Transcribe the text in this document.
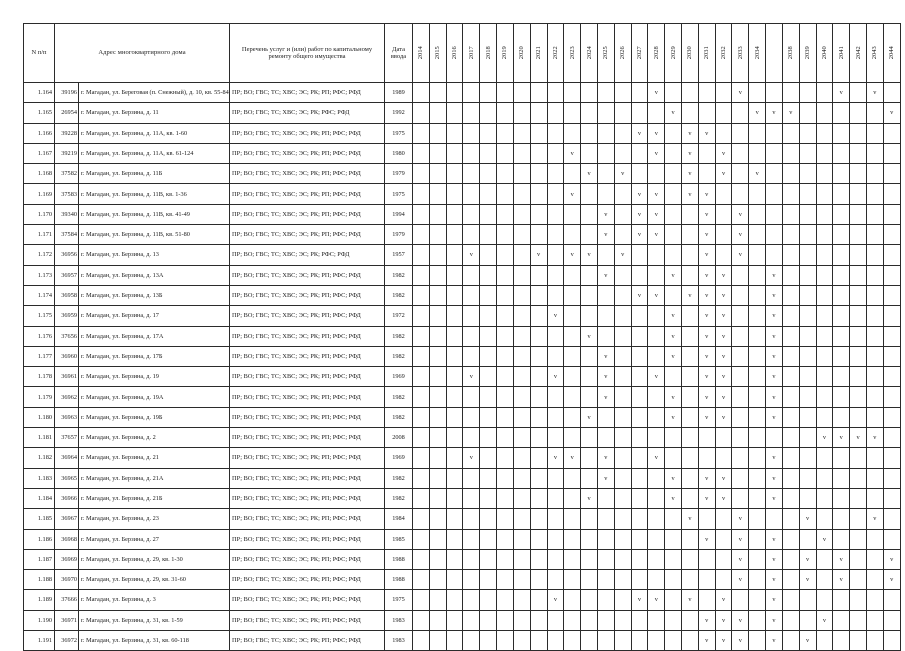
N п/п	Адрес многоквартирного дома		Перечень услуг и (или) работ по капитальному ремонту общего имущества	Дата ввода	2014	2015	2016	2017	2018	2019	2020	2021	2022	2023	2024	2025	2026	2027	2028	2029	2030	2031	2032	2033	2034		2038	2039	2040	2041	2042	2043	2044
1.164	39196	г. Магадан, ул. Береговая (п. Снежный), д. 10, кв. 55-84	ПР; ВО; ГВС; ТС; ХВС; ЭС; РК; РП; РФС; РФД	1989															v					v						v		v	
1.165	26954	г. Магадан, ул. Берзина, д. 11	ПР; ВО; ГВС; ТС; ХВС; ЭС; РК; РФС; РФД	1992																v					v	v	v						v
1.166	39228	г. Магадан, ул. Берзина, д. 11А, кв. 1-60	ПР; ВО; ГВС; ТС; ХВС; ЭС; РК; РП; РФС; РФД	1975														v	v		v	v											
1.167	39219	г. Магадан, ул. Берзина, д. 11А, кв. 61-124	ПР; ВО; ГВС; ТС; ХВС; ЭС; РК; РП; РФС; РФД	1980										v					v		v		v										
1.168	37582	г. Магадан, ул. Берзина, д. 11Б	ПР; ВО; ГВС; ТС; ХВС; ЭС; РК; РП; РФС; РФД	1979											v		v				v		v		v								
1.169	37583	г. Магадан, ул. Берзина, д. 11В, кв. 1-36	ПР; ВО; ГВС; ТС; ХВС; ЭС; РК; РП; РФС; РФД	1975										v				v	v		v	v											
1.170	39340	г. Магадан, ул. Берзина, д. 11В, кв. 41-49	ПР; ВО; ГВС; ТС; ХВС; ЭС; РК; РП; РФС; РФД	1994												v		v	v			v		v									
1.171	37584	г. Магадан, ул. Берзина, д. 11В, кв. 51-80	ПР; ВО; ГВС; ТС; ХВС; ЭС; РК; РП; РФС; РФД	1979												v		v	v			v		v									
1.172	36956	г. Магадан, ул. Берзина, д. 13	ПР; ВО; ГВС; ТС; ХВС; ЭС; РК; РФС; РФД	1957				v				v		v	v		v					v		v									
1.173	36957	г. Магадан, ул. Берзина, д. 13А	ПР; ВО; ГВС; ТС; ХВС; ЭС; РК; РП; РФС; РФД	1982												v				v		v	v			v							
1.174	36958	г. Магадан, ул. Берзина, д. 13Б	ПР; ВО; ГВС; ТС; ХВС; ЭС; РК; РП; РФС; РФД	1982														v	v		v	v	v			v							
1.175	36959	г. Магадан, ул. Берзина, д. 17	ПР; ВО; ГВС; ТС; ХВС; ЭС; РК; РП; РФС; РФД	1972									v							v		v	v			v							
1.176	37656	г. Магадан, ул. Берзина, д. 17А	ПР; ВО; ГВС; ТС; ХВС; ЭС; РК; РП; РФС; РФД	1982											v					v		v	v			v							
1.177	36960	г. Магадан, ул. Берзина, д. 17Б	ПР; ВО; ГВС; ТС; ХВС; ЭС; РК; РП; РФС; РФД	1982												v				v		v	v			v							
1.178	36961	г. Магадан, ул. Берзина, д. 19	ПР; ВО; ГВС; ТС; ХВС; ЭС; РК; РП; РФС; РФД	1969				v					v			v			v			v	v			v							
1.179	36962	г. Магадан, ул. Берзина, д. 19А	ПР; ВО; ГВС; ТС; ХВС; ЭС; РК; РП; РФС; РФД	1982												v				v		v	v			v							
1.180	36963	г. Магадан, ул. Берзина, д. 19Б	ПР; ВО; ГВС; ТС; ХВС; ЭС; РК; РП; РФС; РФД	1982											v					v		v	v			v							
1.181	37657	г. Магадан, ул. Берзина, д. 2	ПР; ВО; ГВС; ТС; ХВС; ЭС; РК; РП; РФС; РФД	2008																									v	v	v	v	
1.182	36964	г. Магадан, ул. Берзина, д. 21	ПР; ВО; ГВС; ТС; ХВС; ЭС; РК; РП; РФС; РФД	1969				v					v	v		v			v							v							
1.183	36965	г. Магадан, ул. Берзина, д. 21А	ПР; ВО; ГВС; ТС; ХВС; ЭС; РК; РП; РФС; РФД	1982												v				v		v	v			v							
1.184	36966	г. Магадан, ул. Берзина, д. 21Б	ПР; ВО; ГВС; ТС; ХВС; ЭС; РК; РП; РФС; РФД	1982											v					v		v	v			v							
1.185	36967	г. Магадан, ул. Берзина, д. 23	ПР; ВО; ГВС; ТС; ХВС; ЭС; РК; РП; РФС; РФД	1984																	v			v				v				v	
1.186	36968	г. Магадан, ул. Берзина, д. 27	ПР; ВО; ГВС; ТС; ХВС; ЭС; РК; РП; РФС; РФД	1985																		v		v		v			v				
1.187	36969	г. Магадан, ул. Берзина, д. 29, кв. 1-30	ПР; ВО; ГВС; ТС; ХВС; ЭС; РК; РП; РФС; РФД	1988																				v		v		v		v			v
1.188	36970	г. Магадан, ул. Берзина, д. 29, кв. 31-60	ПР; ВО; ГВС; ТС; ХВС; ЭС; РК; РП; РФС; РФД	1988																				v		v		v		v			v
1.189	37666	г. Магадан, ул. Берзина, д. 3	ПР; ВО; ГВС; ТС; ХВС; ЭС; РК; РП; РФС; РФД	1975									v					v	v		v		v			v							
1.190	36971	г. Магадан, ул. Берзина, д. 31, кв. 1-59	ПР; ВО; ГВС; ТС; ХВС; ЭС; РК; РП; РФС; РФД	1983																		v	v	v		v			v				
1.191	36972	г. Магадан, ул. Берзина, д. 31, кв. 60-118	ПР; ВО; ГВС; ТС; ХВС; ЭС; РК; РП; РФС; РФД	1983																		v	v	v		v		v					
